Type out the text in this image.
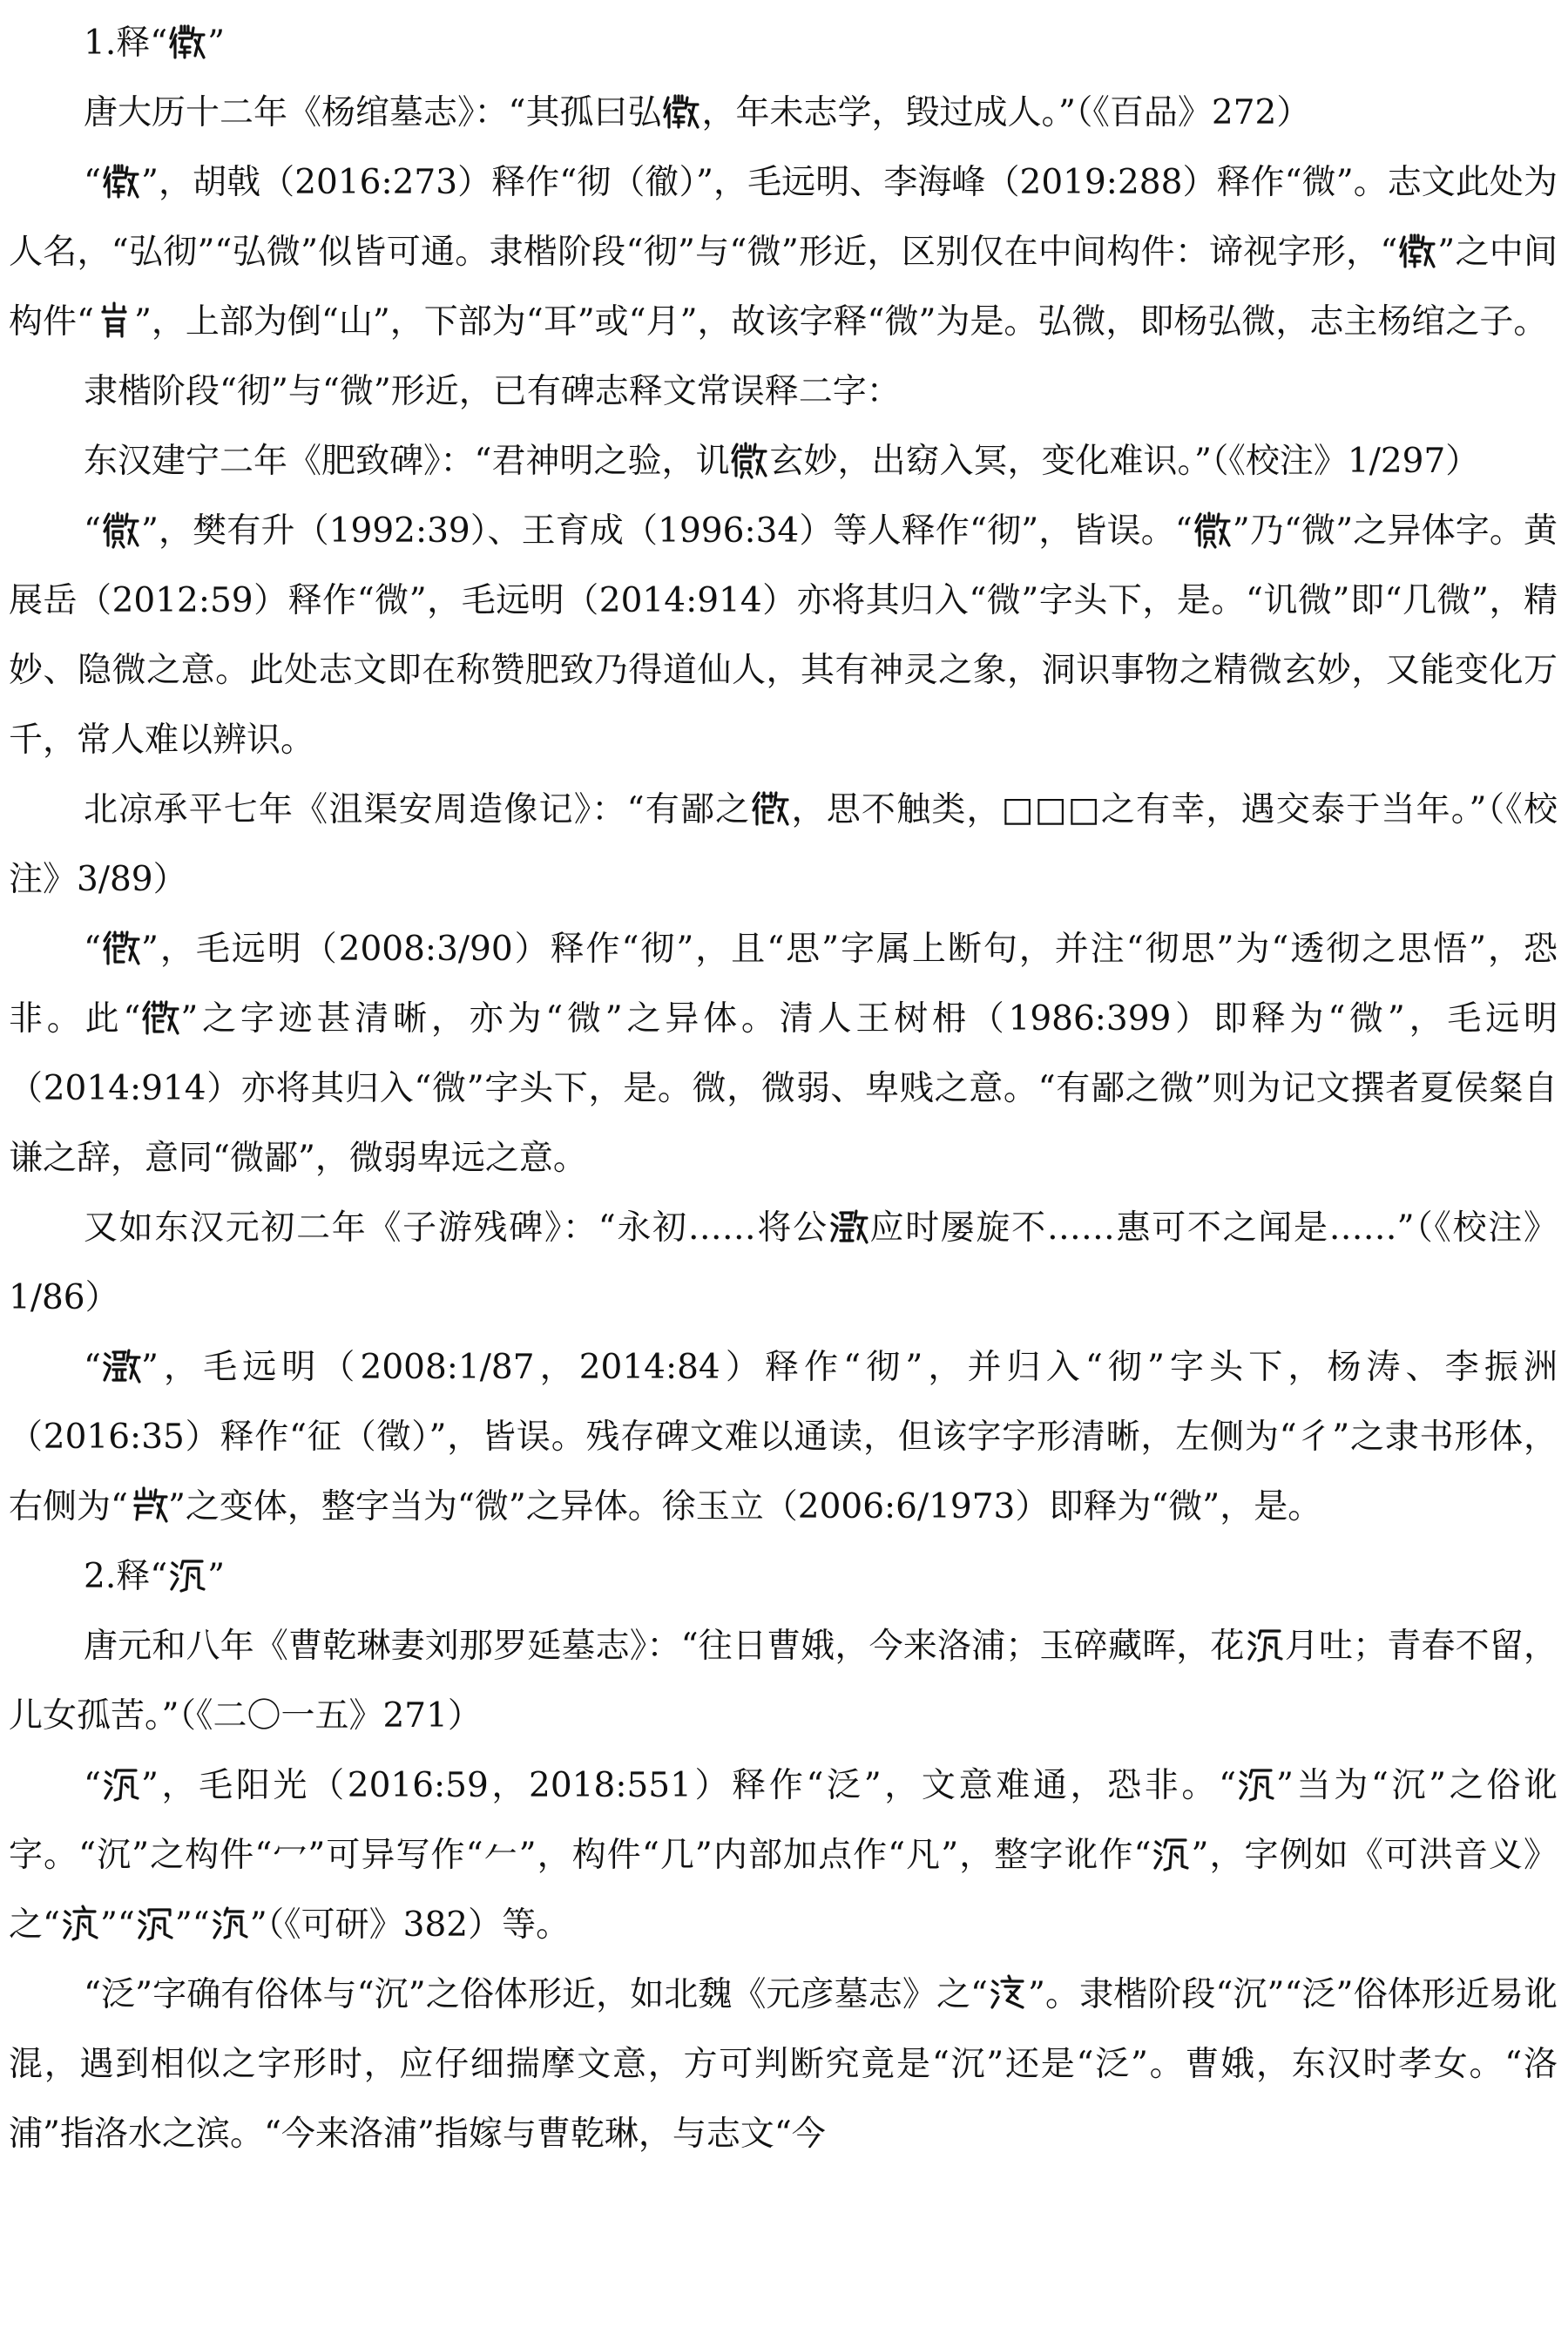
1.释“ ”

唐大历十二年《杨绾墓志》：“其孤曰弘 ，年未志学，毁过成人。”（《百品》272）

“ ”，胡戟（2016:273）释作“彻（徹）”，毛远明、李海峰（2019:288）释作“微”。志文此处为人名，“弘彻”“弘微”似皆可通。隶楷阶段“彻”与“微”形近，区别仅在中间构件：谛视字形，“ ”之中间构件“ ”，上部为倒“山”，下部为“耳”或“月”，故该字释“微”为是。弘微，即杨弘微，志主杨绾之子。

隶楷阶段“彻”与“微”形近，已有碑志释文常误释二字：

东汉建宁二年《肥致碑》：“君神明之验，讥 玄妙，出窈入冥，变化难识。”（《校注》1/297）

“ ”，樊有升（1992:39）、王育成（1996:34）等人释作“彻”，皆误。“ ”乃“微”之异体字。黄展岳（2012:59）释作“微”，毛远明（2014:914）亦将其归入“微”字头下，是。“讥微”即“几微”，精妙、隐微之意。此处志文即在称赞肥致乃得道仙人，其有神灵之象，洞识事物之精微玄妙，又能变化万千，常人难以辨识。

北凉承平七年《沮渠安周造像记》：“有鄙之 ，思不触类，□□□之有幸，遇交泰于当年。”（《校注》3/89）

“ ”，毛远明（2008:3/90）释作“彻”，且“思”字属上断句，并注“彻思”为“透彻之思悟”，恐非。此“ ”之字迹甚清晰，亦为“微”之异体。清人王树枏（1986:399）即释为“微”，毛远明（2014:914）亦将其归入“微”字头下，是。微，微弱、卑贱之意。“有鄙之微”则为记文撰者夏侯粲自谦之辞，意同“微鄙”，微弱卑远之意。

又如东汉元初二年《子游残碑》：“永初……将公 应时屡旋不……惠可不之闻是……”（《校注》1/86）

“ ”，毛远明（2008:1/87，2014:84）释作“彻”，并归入“彻”字头下，杨涛、李振洲（2016:35）释作“征（徵）”，皆误。残存碑文难以通读，但该字字形清晰，左侧为“彳”之隶书形体，右侧为“ ”之变体，整字当为“微”之异体。徐玉立（2006:6/1973）即释为“微”，是。

2.释“ ”

唐元和八年《曹乾琳妻刘那罗延墓志》：“往日曹娥，今来洛浦；玉碎藏晖，花 月吐；青春不留，儿女孤苦。”（《二〇一五》271）

“ ”，毛阳光（2016:59，2018:551）释作“泛”，文意难通，恐非。“ ”当为“沉”之俗讹字。“沉”之构件“冖”可异写作“𠂉”，构件“几”内部加点作“凡”，整字讹作“ ”，字例如《可洪音义》之“ ”“ ”“ ”（《可研》382）等。

“泛”字确有俗体与“沉”之俗体形近，如北魏《元彦墓志》之“ ”。隶楷阶段“沉”“泛”俗体形近易讹混，遇到相似之字形时，应仔细揣摩文意，方可判断究竟是“沉”还是“泛”。曹娥，东汉时孝女。“洛浦”指洛水之滨。“今来洛浦”指嫁与曹乾琳，与志文“今
